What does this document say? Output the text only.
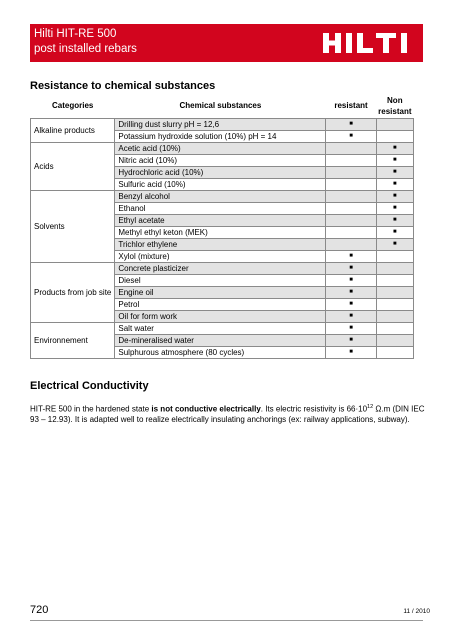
Hilti HIT-RE 500
post installed rebars
Resistance to chemical substances
Categories	Chemical substances	resistant	Non resistant
Alkaline products	Drilling dust slurry pH = 12,6	■	
	Potassium hydroxide solution (10%) pH = 14	■	
Acids	Acetic acid (10%)		■
	Nitric acid (10%)		■
	Hydrochloric acid (10%)		■
	Sulfuric acid (10%)		■
Solvents	Benzyl alcohol		■
	Ethanol		■
	Ethyl acetate		■
	Methyl ethyl keton (MEK)		■
	Trichlor ethylene		■
	Xylol (mixture)	■	
Products from job site	Concrete plasticizer	■	
	Diesel	■	
	Engine oil	■	
	Petrol	■	
	Oil for form work	■	
Environnement	Salt water	■	
	De-mineralised water	■	
	Sulphurous atmosphere (80 cycles)	■	
Electrical Conductivity

HIT-RE 500 in the hardened state is not conductive electrically. Its electric resistivity is $66\cdot 10^{12}$ Ω.m (DIN IEC 93 – 12.93). It is adapted well to realize electrically insulating anchorings (ex: railway applications, subway).

720	11 / 2010
